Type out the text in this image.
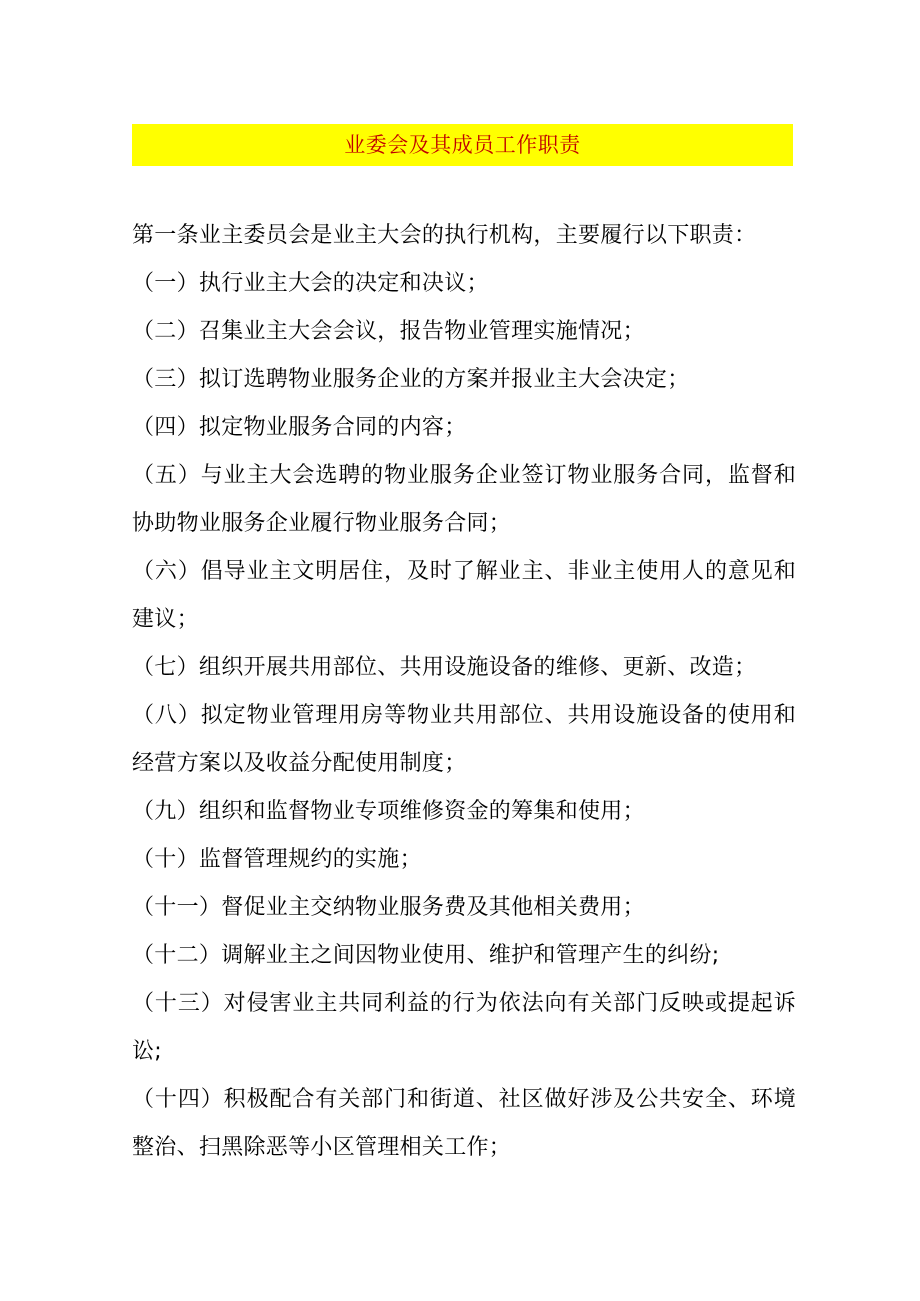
业委会及其成员工作职责

第一条业主委员会是业主大会的执行机构，主要履行以下职责：

（一）执行业主大会的决定和决议；

（二）召集业主大会会议，报告物业管理实施情况；

（三）拟订选聘物业服务企业的方案并报业主大会决定；

（四）拟定物业服务合同的内容；

（五）与业主大会选聘的物业服务企业签订物业服务合同，监督和协助物业服务企业履行物业服务合同；

（六）倡导业主文明居住，及时了解业主、非业主使用人的意见和建议；

（七）组织开展共用部位、共用设施设备的维修、更新、改造；

（八）拟定物业管理用房等物业共用部位、共用设施设备的使用和经营方案以及收益分配使用制度；

（九）组织和监督物业专项维修资金的筹集和使用；

（十）监督管理规约的实施；

（十一）督促业主交纳物业服务费及其他相关费用；

（十二）调解业主之间因物业使用、维护和管理产生的纠纷;

（十三）对侵害业主共同利益的行为依法向有关部门反映或提起诉讼;

（十四）积极配合有关部门和街道、社区做好涉及公共安全、环境整治、扫黑除恶等小区管理相关工作；
